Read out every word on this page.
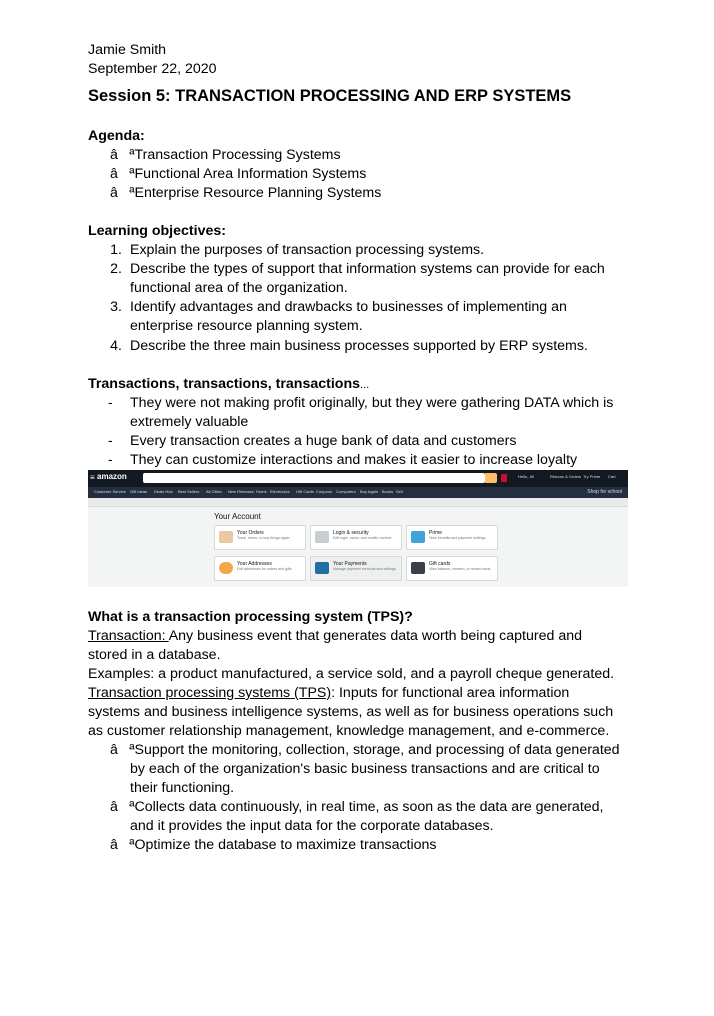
Jamie Smith
September 22, 2020
Session 5: TRANSACTION PROCESSING AND ERP SYSTEMS
Agenda:
âªTransaction Processing Systems
âªFunctional Area Information Systems
âªEnterprise Resource Planning Systems
Learning objectives:
1. Explain the purposes of transaction processing systems.
2. Describe the types of support that information systems can provide for each
functional area of the organization.
3. Identify advantages and drawbacks to businesses of implementing an
enterprise resource planning system.
4. Describe the three main business processes supported by ERP systems.
Transactions, transactions, transactions...
- They were not making profit originally, but they were gathering DATA which is
extremely valuable
- Every transaction creates a huge bank of data and customers
- They can customize interactions and makes it easier to increase loyalty
≡ amazon	Hello, Jill	Returns & Orders Try Prime Cart
Customer Service Gift Ideas Deals Hub Best Sellers All Cities New Releases Home Electronics Gift Cards Coupons Computers Buy Again Books Sell	Shop for school
Your Account
Your Orders
Track, return, or buy things again
Login & security
Edit login, name, and mobile number
Prime
View benefits and payment settings
Your Addresses
Edit addresses for orders and gifts
Your Payments
Manage payment methods and settings
Gift cards
View balance, redeem, or reload cards
What is a transaction processing system (TPS)?
Transaction: Any business event that generates data worth being captured and
stored in a database.
Examples: a product manufactured, a service sold, and a payroll cheque generated.
Transaction processing systems (TPS): Inputs for functional area information
systems and business intelligence systems, as well as for business operations such
as customer relationship management, knowledge management, and e-commerce.
âªSupport the monitoring, collection, storage, and processing of data generated
by each of the organization's basic business transactions and are critical to
their functioning.
âªCollects data continuously, in real time, as soon as the data are generated,
and it provides the input data for the corporate databases.
âªOptimize the database to maximize transactions
